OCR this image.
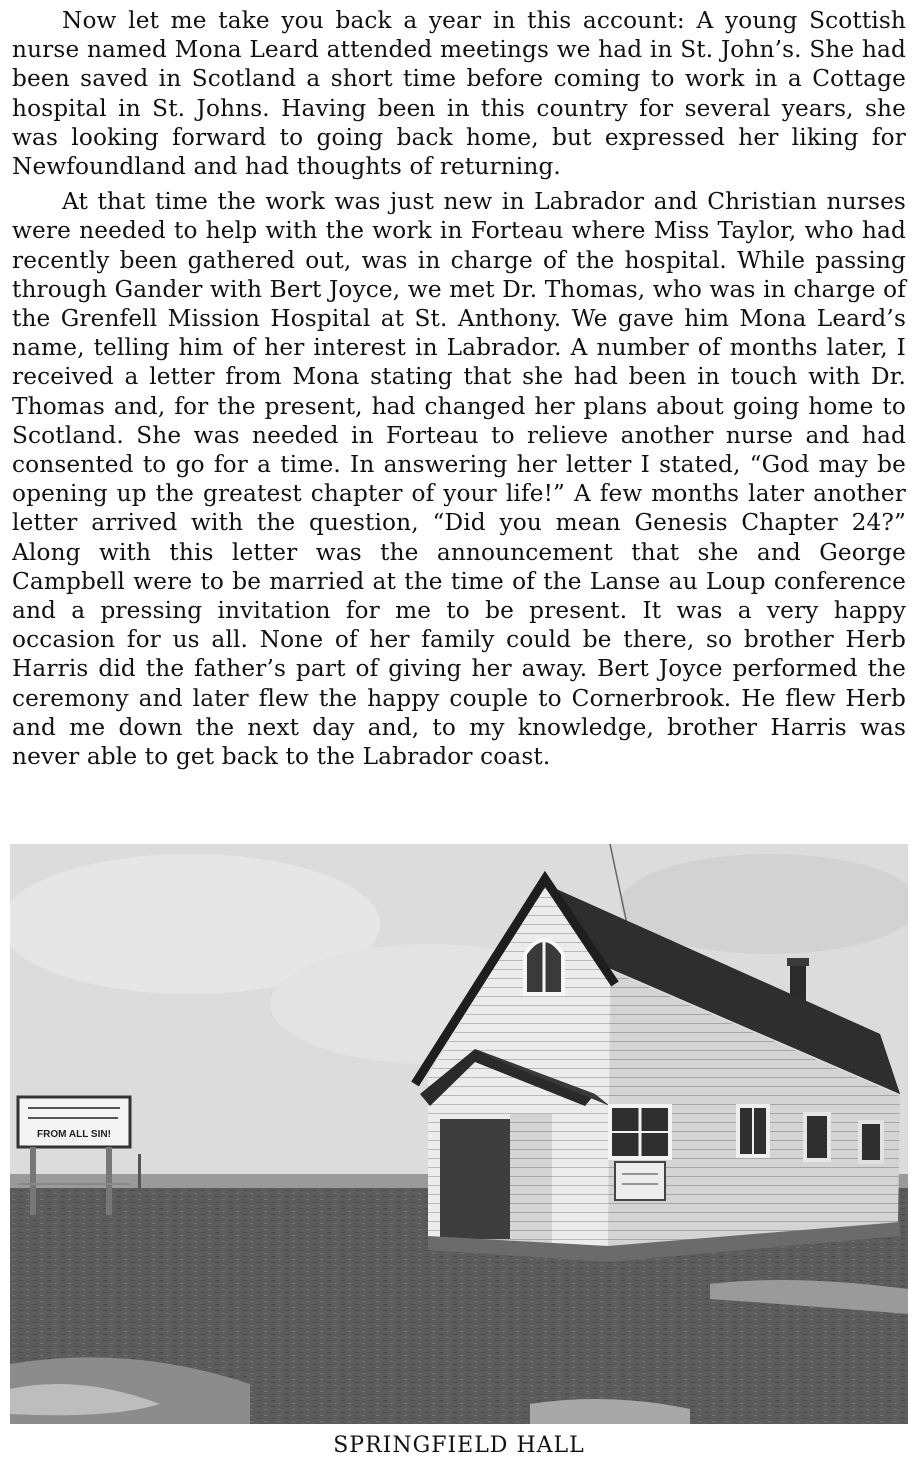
Now let me take you back a year in this account: A young Scottish nurse named Mona Leard attended meetings we had in St. John’s. She had been saved in Scotland a short time before coming to work in a Cottage hospital in St. Johns. Having been in this country for several years, she was looking forward to going back home, but expressed her liking for Newfoundland and had thoughts of returning.

At that time the work was just new in Labrador and Christian nurses were needed to help with the work in Forteau where Miss Taylor, who had recently been gathered out, was in charge of the hospital. While passing through Gander with Bert Joyce, we met Dr. Thomas, who was in charge of the Grenfell Mission Hospital at St. Anthony. We gave him Mona Leard’s name, telling him of her interest in Labrador. A number of months later, I received a letter from Mona stating that she had been in touch with Dr. Thomas and, for the present, had changed her plans about going home to Scotland. She was needed in Forteau to relieve another nurse and had consented to go for a time. In answering her letter I stated, “God may be opening up the greatest chapter of your life!” A few months later another letter arrived with the question, “Did you mean Genesis Chapter 24?” Along with this letter was the announcement that she and George Campbell were to be married at the time of the Lanse au Loup conference and a pressing invitation for me to be present. It was a very happy occasion for us all. None of her family could be there, so brother Herb Harris did the father’s part of giving her away. Bert Joyce performed the ceremony and later flew the happy couple to Cornerbrook. He flew Herb and me down the next day and, to my knowledge, brother Harris was never able to get back to the Labrador coast.

FROM ALL SIN!
SPRINGFIELD HALL
